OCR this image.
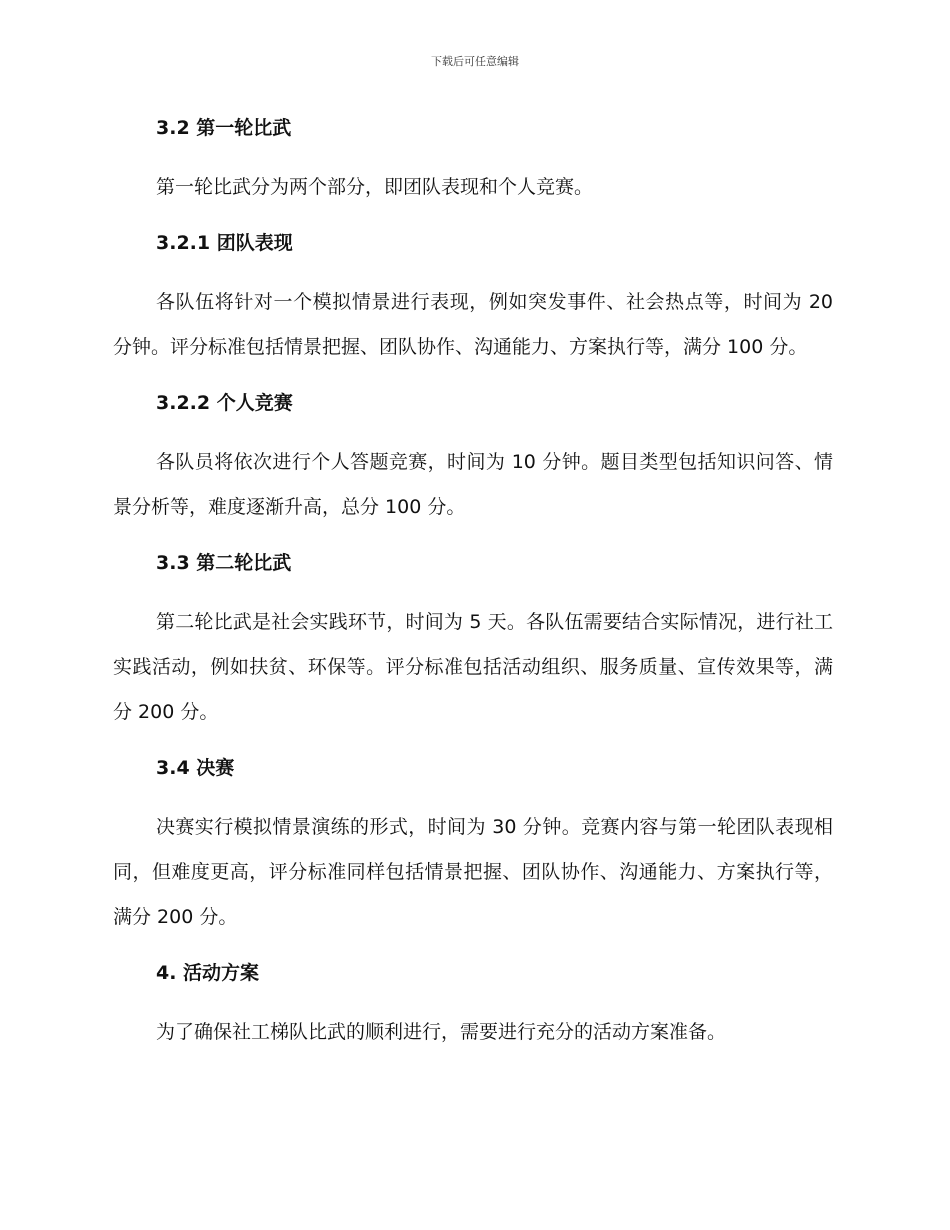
下载后可任意编辑
3.2 第一轮比武
第一轮比武分为两个部分，即团队表现和个人竞赛。
3.2.1 团队表现
各队伍将针对一个模拟情景进行表现，例如突发事件、社会热点等，时间为 20 分钟。评分标准包括情景把握、团队协作、沟通能力、方案执行等，满分 100 分。
3.2.2 个人竞赛
各队员将依次进行个人答题竞赛，时间为 10 分钟。题目类型包括知识问答、情景分析等，难度逐渐升高，总分 100 分。
3.3 第二轮比武
第二轮比武是社会实践环节，时间为 5 天。各队伍需要结合实际情况，进行社工实践活动，例如扶贫、环保等。评分标准包括活动组织、服务质量、宣传效果等，满分 200 分。
3.4 决赛
决赛实行模拟情景演练的形式，时间为 30 分钟。竞赛内容与第一轮团队表现相同，但难度更高，评分标准同样包括情景把握、团队协作、沟通能力、方案执行等，满分 200 分。
4. 活动方案
为了确保社工梯队比武的顺利进行，需要进行充分的活动方案准备。
